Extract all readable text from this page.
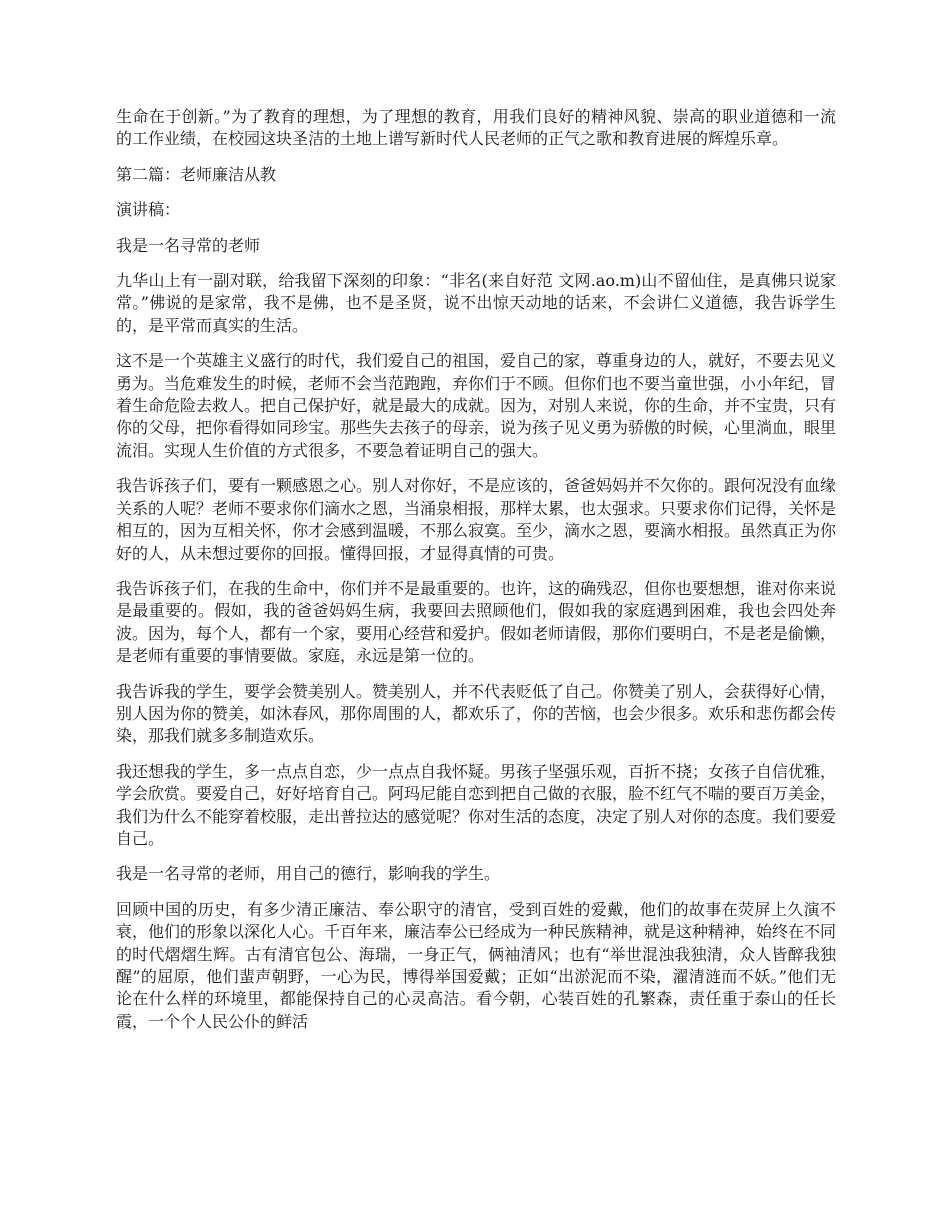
生命在于创新。”为了教育的理想，为了理想的教育，用我们良好的精神风貌、崇高的职业道德和一流的工作业绩，在校园这块圣洁的土地上谱写新时代人民老师的正气之歌和教育进展的辉煌乐章。

第二篇：老师廉洁从教

演讲稿：

我是一名寻常的老师

九华山上有一副对联，给我留下深刻的印象：“非名(来自好范 文网.ao.m)山不留仙住，是真佛只说家常。”佛说的是家常，我不是佛，也不是圣贤，说不出惊天动地的话来，不会讲仁义道德，我告诉学生的，是平常而真实的生活。

这不是一个英雄主义盛行的时代，我们爱自己的祖国，爱自己的家，尊重身边的人，就好，不要去见义勇为。当危难发生的时候，老师不会当范跑跑，弃你们于不顾。但你们也不要当童世强，小小年纪，冒着生命危险去救人。把自己保护好，就是最大的成就。因为，对别人来说，你的生命，并不宝贵，只有你的父母，把你看得如同珍宝。那些失去孩子的母亲，说为孩子见义勇为骄傲的时候，心里淌血，眼里流泪。实现人生价值的方式很多，不要急着证明自己的强大。

我告诉孩子们，要有一颗感恩之心。别人对你好，不是应该的，爸爸妈妈并不欠你的。跟何况没有血缘关系的人呢？老师不要求你们滴水之恩，当涌泉相报，那样太累，也太强求。只要求你们记得，关怀是相互的，因为互相关怀，你才会感到温暖，不那么寂寞。至少，滴水之恩，要滴水相报。虽然真正为你好的人，从未想过要你的回报。懂得回报，才显得真情的可贵。

我告诉孩子们，在我的生命中，你们并不是最重要的。也许，这的确残忍，但你也要想想，谁对你来说是最重要的。假如，我的爸爸妈妈生病，我要回去照顾他们，假如我的家庭遇到困难，我也会四处奔波。因为，每个人，都有一个家，要用心经营和爱护。假如老师请假，那你们要明白，不是老是偷懒，是老师有重要的事情要做。家庭，永远是第一位的。

我告诉我的学生，要学会赞美别人。赞美别人，并不代表贬低了自己。你赞美了别人，会获得好心情，别人因为你的赞美，如沐春风，那你周围的人，都欢乐了，你的苦恼，也会少很多。欢乐和悲伤都会传染，那我们就多多制造欢乐。

我还想我的学生，多一点点自恋，少一点点自我怀疑。男孩子坚强乐观，百折不挠；女孩子自信优雅，学会欣赏。要爱自己，好好培育自己。阿玛尼能自恋到把自己做的衣服，脸不红气不喘的要百万美金，我们为什么不能穿着校服，走出普拉达的感觉呢？你对生活的态度，决定了别人对你的态度。我们要爱自己。

我是一名寻常的老师，用自己的德行，影响我的学生。

回顾中国的历史，有多少清正廉洁、奉公职守的清官，受到百姓的爱戴，他们的故事在荧屏上久演不衰，他们的形象以深化人心。千百年来，廉洁奉公已经成为一种民族精神，就是这种精神，始终在不同的时代熠熠生辉。古有清官包公、海瑞，一身正气，俩袖清风；也有“举世混浊我独清，众人皆醉我独醒”的屈原，他们蜚声朝野，一心为民，博得举国爱戴；正如“出淤泥而不染，濯清涟而不妖。”他们无论在什么样的环境里，都能保持自己的心灵高洁。看今朝，心装百姓的孔繁森，责任重于泰山的任长霞，一个个人民公仆的鲜活
